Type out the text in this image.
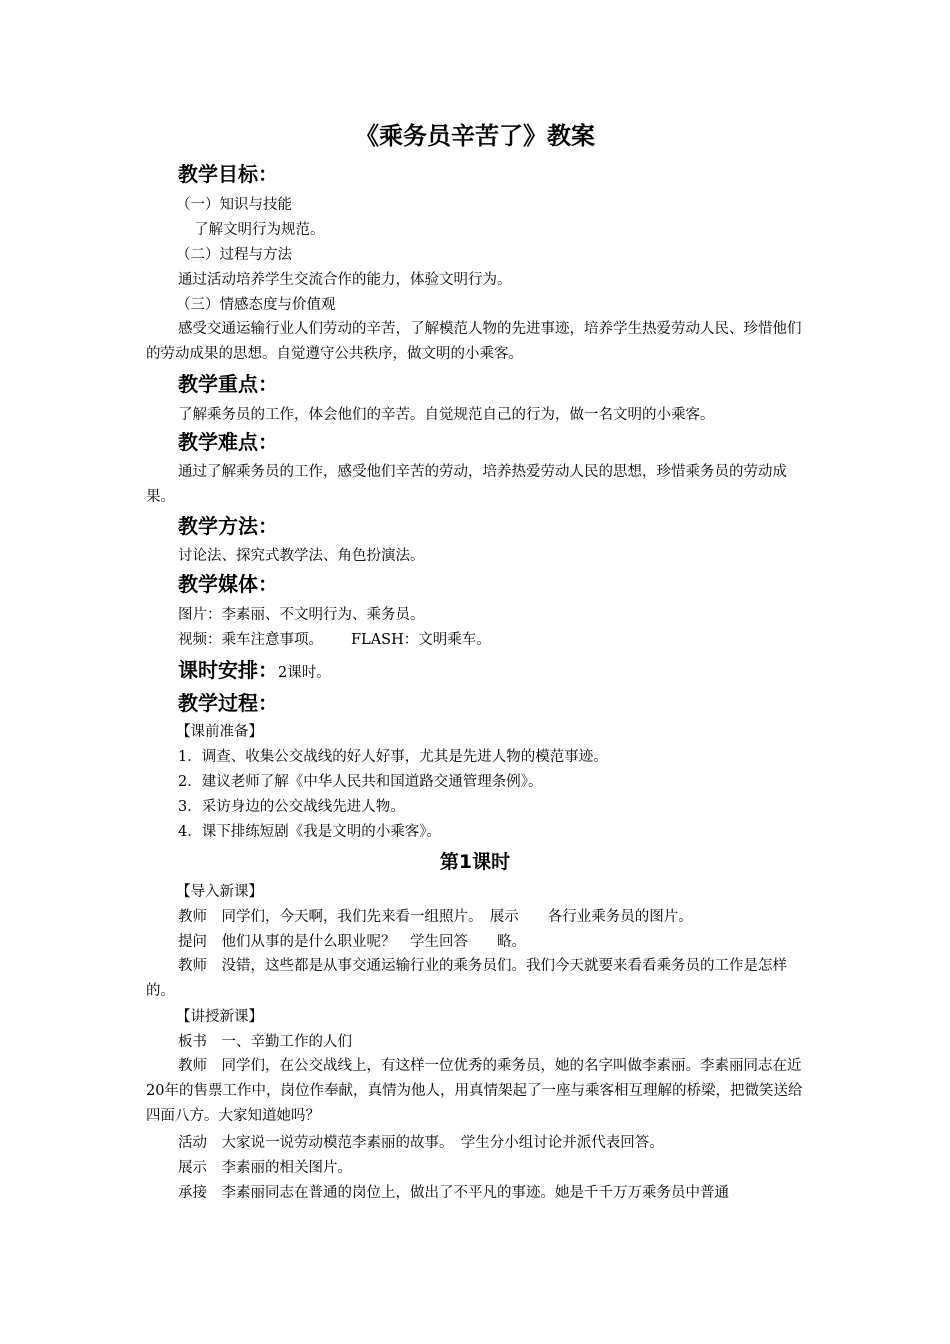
《乘务员辛苦了》教案
教学目标：
（一）知识与技能
了解文明行为规范。
（二）过程与方法
通过活动培养学生交流合作的能力，体验文明行为。
（三）情感态度与价值观
感受交通运输行业人们劳动的辛苦，了解模范人物的先进事迹，培养学生热爱劳动人民、珍惜他们的劳动成果的思想。自觉遵守公共秩序，做文明的小乘客。
教学重点：
了解乘务员的工作，体会他们的辛苦。自觉规范自己的行为，做一名文明的小乘客。
教学难点：
通过了解乘务员的工作，感受他们辛苦的劳动，培养热爱劳动人民的思想，珍惜乘务员的劳动成果。
教学方法：
讨论法、探究式教学法、角色扮演法。
教学媒体：
图片：李素丽、不文明行为、乘务员。
视频：乘车注意事项。 FLASH：文明乘车。
课时安排：2课时。
教学过程：
【课前准备】
1．调查、收集公交战线的好人好事，尤其是先进人物的模范事迹。
2．建议老师了解《中华人民共和国道路交通管理条例》。
3．采访身边的公交战线先进人物。
4．课下排练短剧《我是文明的小乘客》。
第1课时
【导入新课】
教师　同学们，今天啊，我们先来看一组照片。　展示　　各行业乘务员的图片。
提问　他们从事的是什么职业呢？　学生回答　　略。
教师　没错，这些都是从事交通运输行业的乘务员们。我们今天就要来看看乘务员的工作是怎样的。
【讲授新课】
板书　一、辛勤工作的人们
教师　同学们，在公交战线上，有这样一位优秀的乘务员，她的名字叫做李素丽。李素丽同志在近20年的售票工作中，岗位作奉献，真情为他人，用真情架起了一座与乘客相互理解的桥梁，把微笑送给四面八方。大家知道她吗？
活动　大家说一说劳动模范李素丽的故事。　学生分小组讨论并派代表回答。
展示　李素丽的相关图片。
承接　李素丽同志在普通的岗位上，做出了不平凡的事迹。她是千千万万乘务员中普通
